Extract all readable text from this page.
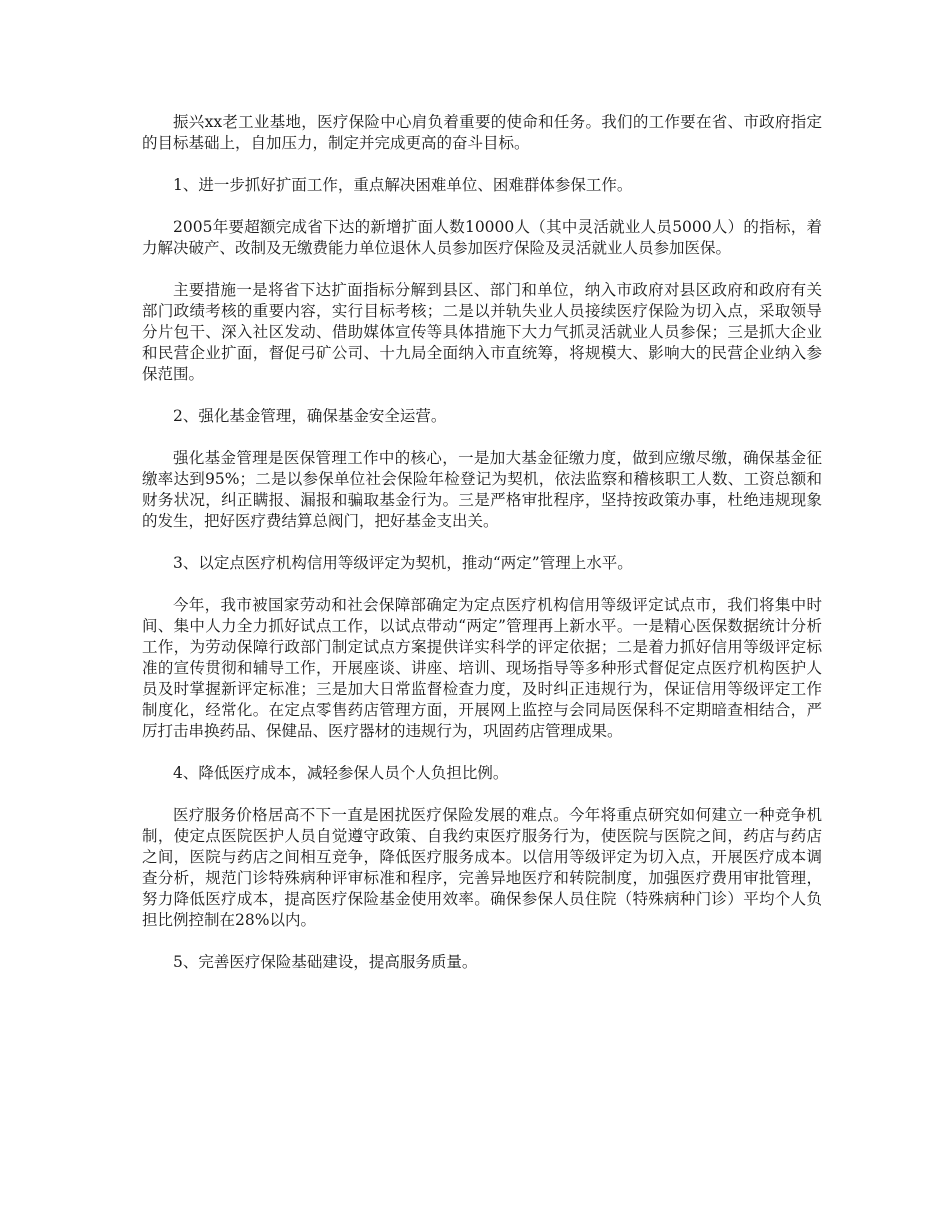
振兴xx老工业基地，医疗保险中心肩负着重要的使命和任务。我们的工作要在省、市政府指定的目标基础上，自加压力，制定并完成更高的奋斗目标。

1、进一步抓好扩面工作，重点解决困难单位、困难群体参保工作。

2005年要超额完成省下达的新增扩面人数10000人（其中灵活就业人员5000人）的指标，着力解决破产、改制及无缴费能力单位退休人员参加医疗保险及灵活就业人员参加医保。

主要措施一是将省下达扩面指标分解到县区、部门和单位，纳入市政府对县区政府和政府有关部门政绩考核的重要内容，实行目标考核；二是以并轨失业人员接续医疗保险为切入点，采取领导分片包干、深入社区发动、借助媒体宣传等具体措施下大力气抓灵活就业人员参保；三是抓大企业和民营企业扩面，督促弓矿公司、十九局全面纳入市直统筹，将规模大、影响大的民营企业纳入参保范围。

2、强化基金管理，确保基金安全运营。

强化基金管理是医保管理工作中的核心，一是加大基金征缴力度，做到应缴尽缴，确保基金征缴率达到95%；二是以参保单位社会保险年检登记为契机，依法监察和稽核职工人数、工资总额和财务状况，纠正瞒报、漏报和骗取基金行为。三是严格审批程序，坚持按政策办事，杜绝违规现象的发生，把好医疗费结算总阀门，把好基金支出关。

3、以定点医疗机构信用等级评定为契机，推动“两定”管理上水平。

今年，我市被国家劳动和社会保障部确定为定点医疗机构信用等级评定试点市，我们将集中时间、集中人力全力抓好试点工作，以试点带动“两定”管理再上新水平。一是精心医保数据统计分析工作，为劳动保障行政部门制定试点方案提供详实科学的评定依据；二是着力抓好信用等级评定标准的宣传贯彻和辅导工作，开展座谈、讲座、培训、现场指导等多种形式督促定点医疗机构医护人员及时掌握新评定标准；三是加大日常监督检查力度，及时纠正违规行为，保证信用等级评定工作制度化，经常化。在定点零售药店管理方面，开展网上监控与会同局医保科不定期暗查相结合，严厉打击串换药品、保健品、医疗器材的违规行为，巩固药店管理成果。

4、降低医疗成本，减轻参保人员个人负担比例。

医疗服务价格居高不下一直是困扰医疗保险发展的难点。今年将重点研究如何建立一种竞争机制，使定点医院医护人员自觉遵守政策、自我约束医疗服务行为，使医院与医院之间，药店与药店之间，医院与药店之间相互竞争，降低医疗服务成本。以信用等级评定为切入点，开展医疗成本调查分析，规范门诊特殊病种评审标准和程序，完善异地医疗和转院制度，加强医疗费用审批管理，努力降低医疗成本，提高医疗保险基金使用效率。确保参保人员住院（特殊病种门诊）平均个人负担比例控制在28%以内。

5、完善医疗保险基础建设，提高服务质量。
